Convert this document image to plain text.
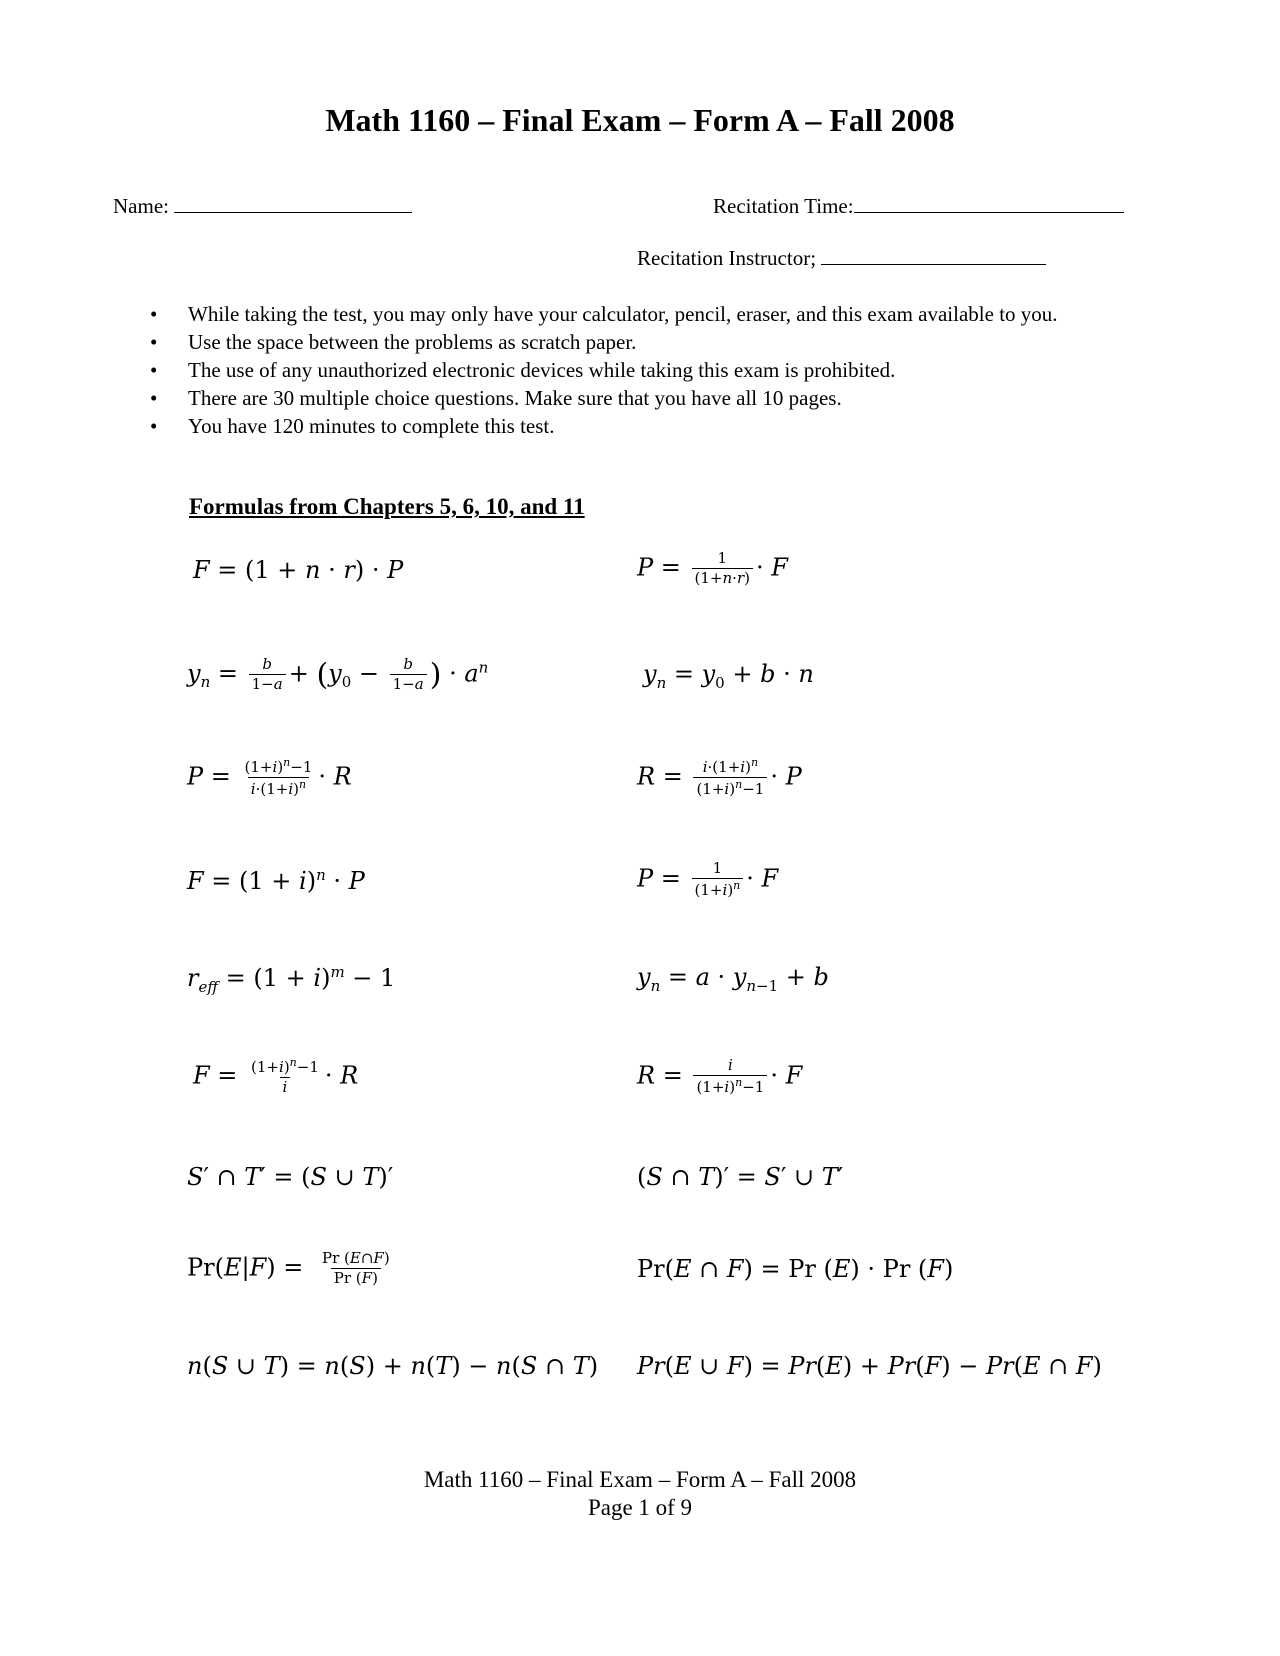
Math 1160 – Final Exam – Form A – Fall 2008
Name:	Recitation Time:
Recitation Instructor;
• While taking the test, you may only have your calculator, pencil, eraser, and this exam available to you.
• Use the space between the problems as scratch paper.
• The use of any unauthorized electronic devices while taking this exam is prohibited.
• There are 30 multiple choice questions. Make sure that you have all 10 pages.
• You have 120 minutes to complete this test.
Formulas from Chapters 5, 6, 10, and 11
F = (1 + n · r) · P	$P = \frac{1}{(1+n\cdot r)} \cdot F$
$y_n = \frac{b}{1-a} + (y_0 - \frac{b}{1-a}$ ) · $a^n$	$y_n = y_0 + b \cdot n$
$P = \frac{(1+i)^n-1}{i\cdot(1+i)^n} \cdot R$	$R = \frac{i\cdot(1+i)^n}{(1+i)^n-1} \cdot P$
$F = (1 + i)^n \cdot P$	$P = \frac{1}{(1+i)^n} \cdot F$
$r_{eff} = (1 + i)^m - 1$	$y_n = a \cdot y_{n-1} + b$
$F = \frac{(1+i)^n-1}{i} \cdot R$	$R = \frac{i}{(1+i)^n-1} \cdot F$
S′ ∩ T′ = (S ∪ T)′	(S ∩ T)′ = S′ ∪ T′
$Pr(E|F) = \frac{Pr (E\cap F)}{Pr (F)}$	Pr(E ∩ F) = Pr (E) · Pr (F)
n(S ∪ T) = n(S) + n(T) − n(S ∩ T) Pr(E ∪ F) = Pr(E) + Pr(F) − Pr(E ∩ F)
Math 1160 – Final Exam – Form A – Fall 2008
Page 1 of 9
